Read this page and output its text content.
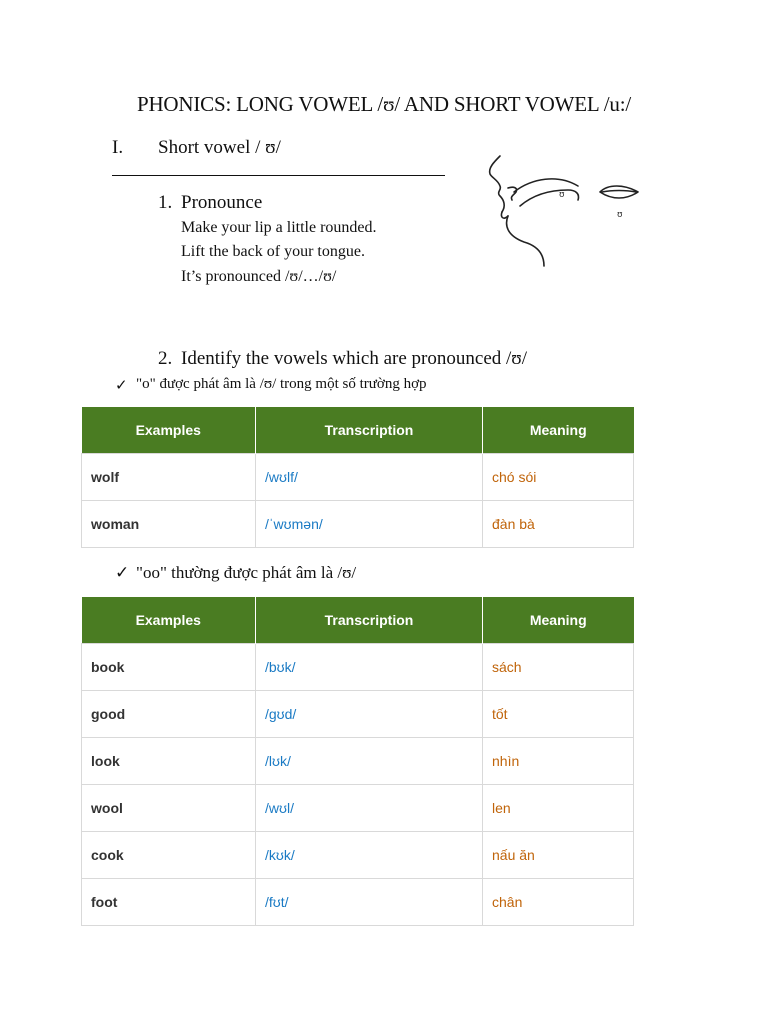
PHONICS: LONG VOWEL /ʊ/ AND SHORT VOWEL /u:/
I. Short vowel / ʊ/
1. Pronounce
Make your lip a little rounded.
Lift the back of your tongue.
It’s pronounced /ʊ/…/ʊ/
ʊ
ʊ
2. Identify the vowels which are pronounced /ʊ/
✓ "o" được phát âm là /ʊ/ trong một số trường hợp
Examples	Transcription	Meaning
wolf	/wʊlf/	chó sói
woman	/ˈwʊmən/	đàn bà
✓ "oo" thường được phát âm là /ʊ/
Examples	Transcription	Meaning
book	/bʊk/	sách
good	/gʊd/	tốt
look	/lʊk/	nhìn
wool	/wʊl/	len
cook	/kʊk/	nấu ăn
foot	/fʊt/	chân
